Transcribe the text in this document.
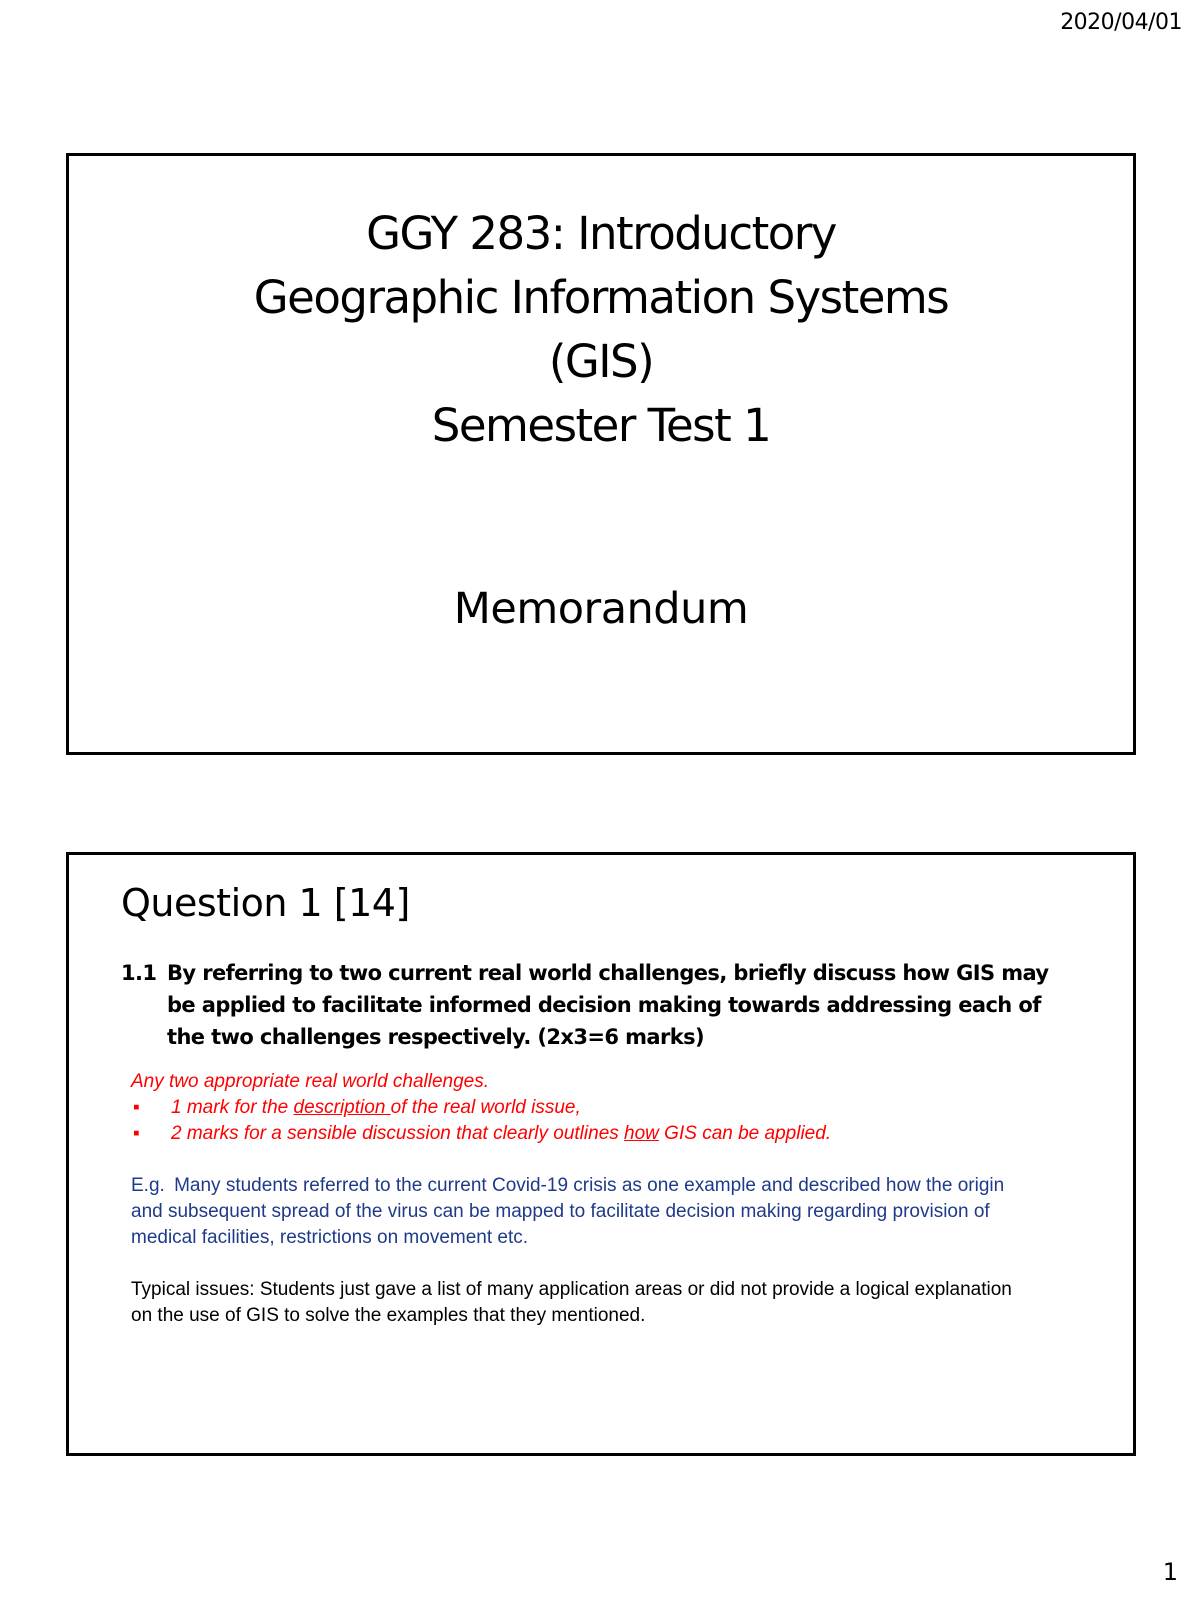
2020/04/01
GGY 283: Introductory
Geographic Information Systems
(GIS)
Semester Test 1
Memorandum
Question 1 [14]
1.1 By referring to two current real world challenges, briefly discuss how GIS may be applied to facilitate informed decision making towards addressing each of the two challenges respectively. (2x3=6 marks)
Any two appropriate real world challenges.
▪ 1 mark for the description of the real world issue,
▪ 2 marks for a sensible discussion that clearly outlines how GIS can be applied.
E.g. Many students referred to the current Covid-19 crisis as one example and described how the origin and subsequent spread of the virus can be mapped to facilitate decision making regarding provision of medical facilities, restrictions on movement etc.
Typical issues: Students just gave a list of many application areas or did not provide a logical explanation on the use of GIS to solve the examples that they mentioned.
1
